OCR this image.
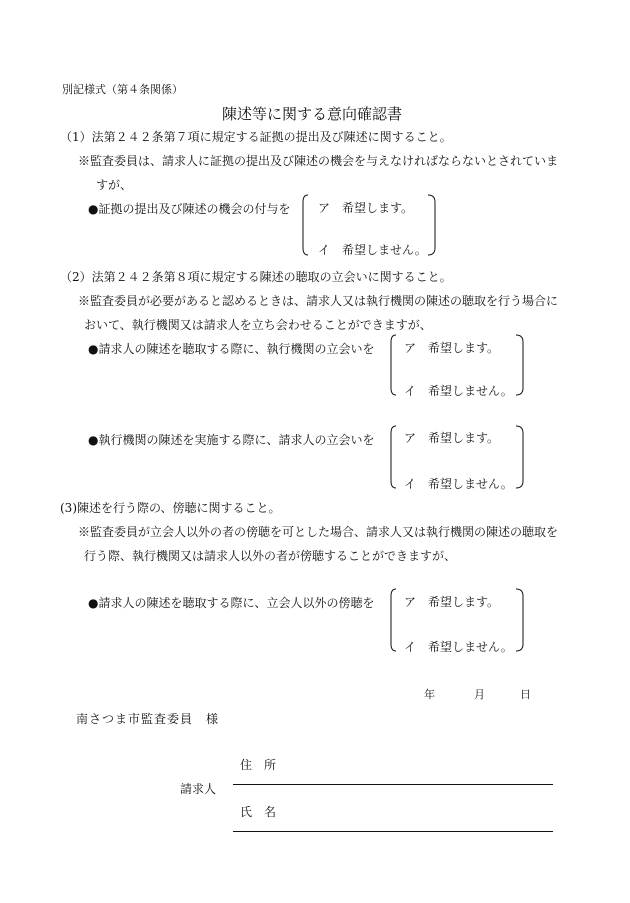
別記様式（第４条関係）
陳述等に関する意向確認書
（1）法第２４２条第７項に規定する証拠の提出及び陳述に関すること。
※監査委員は、請求人に証拠の提出及び陳述の機会を与えなければならないとされていま
すが、
●証拠の提出及び陳述の機会の付与を ア　希望します。
イ　希望しません。
（2）法第２４２条第８項に規定する陳述の聴取の立会いに関すること。
※監査委員が必要があると認めるときは、請求人又は執行機関の陳述の聴取を行う場合に
おいて、執行機関又は請求人を立ち会わせることができますが、
●請求人の陳述を聴取する際に、執行機関の立会いを ア　希望します。
イ　希望しません。
●執行機関の陳述を実施する際に、請求人の立会いを ア　希望します。
イ　希望しません。
(3)陳述を行う際の、傍聴に関すること。
※監査委員が立会人以外の者の傍聴を可とした場合、請求人又は執行機関の陳述の聴取を
行う際、執行機関又は請求人以外の者が傍聴することができますが、
●請求人の陳述を聴取する際に、立会人以外の傍聴を ア　希望します。
イ　希望しません。
年	月	日
南さつま市監査委員　様
請求人
住　所
氏　名
